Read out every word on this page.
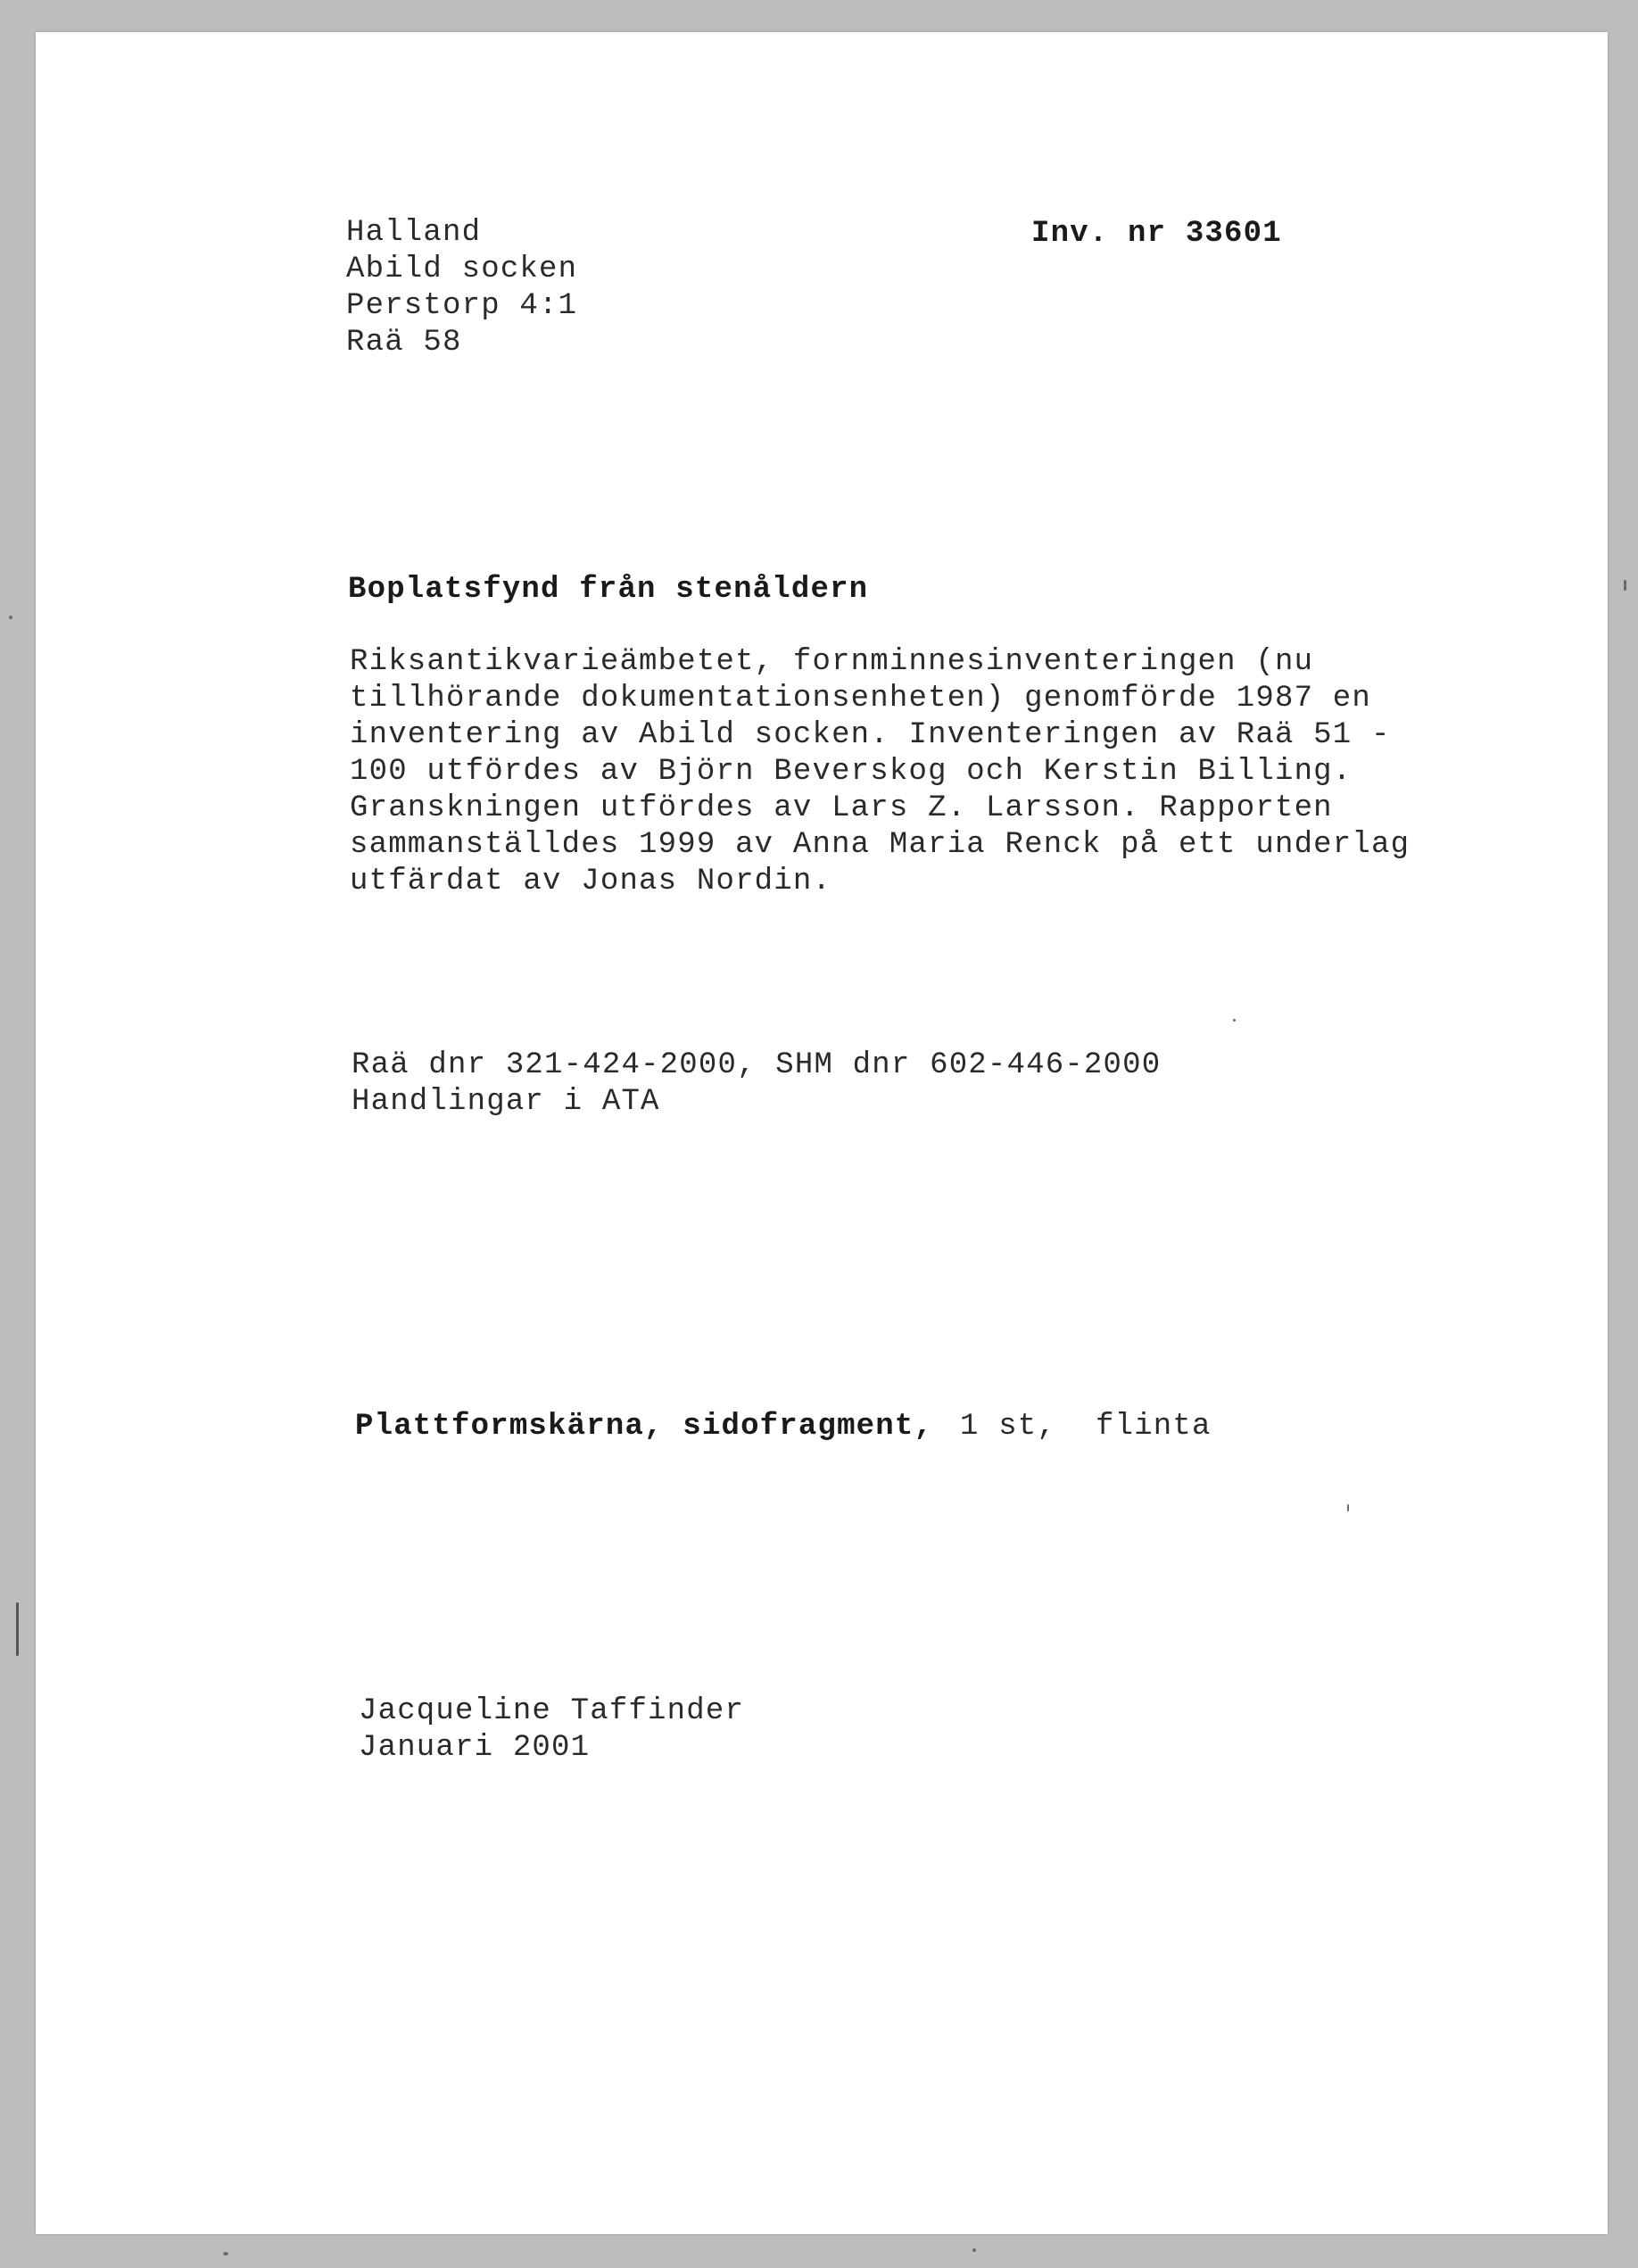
Halland
Abild socken
Perstorp 4:1
Raä 58
Inv. nr 33601
Boplatsfynd från stenåldern
Riksantikvarieämbetet, fornminnesinventeringen (nu
tillhörande dokumentationsenheten) genomförde 1987 en
inventering av Abild socken. Inventeringen av Raä 51 -
100 utfördes av Björn Beverskog och Kerstin Billing.
Granskningen utfördes av Lars Z. Larsson. Rapporten
sammanställdes 1999 av Anna Maria Renck på ett underlag
utfärdat av Jonas Nordin.
Raä dnr 321-424-2000, SHM dnr 602-446-2000
Handlingar i ATA
Plattformskärna, sidofragment, 1 st, flinta
Jacqueline Taffinder
Januari 2001
